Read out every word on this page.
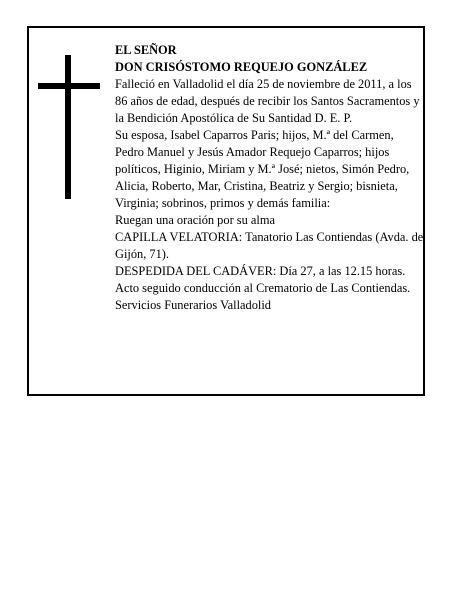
EL SEÑOR

DON CRISÓSTOMO REQUEJO GONZÁLEZ

Falleció en Valladolid el día 25 de noviembre de 2011, a los 86 años de edad, después de recibir los Santos Sacramentos y la Bendición Apostólica de Su Santidad D. E. P.

Su esposa, Isabel Caparros Paris; hijos, M.ª del Carmen, Pedro Manuel y Jesús Amador Requejo Caparros; hijos políticos, Higinio, Miriam y M.ª José; nietos, Simón Pedro, Alicia, Roberto, Mar, Cristina, Beatriz y Sergio; bisnieta, Virginia; sobrinos, primos y demás familia:

Ruegan una oración por su alma

CAPILLA VELATORIA: Tanatorio Las Contiendas (Avda. de Gijón, 71).

DESPEDIDA DEL CADÁVER: Día 27, a las 12.15 horas. Acto seguido conducción al Crematorio de Las Contiendas.

Servicios Funerarios Valladolid
